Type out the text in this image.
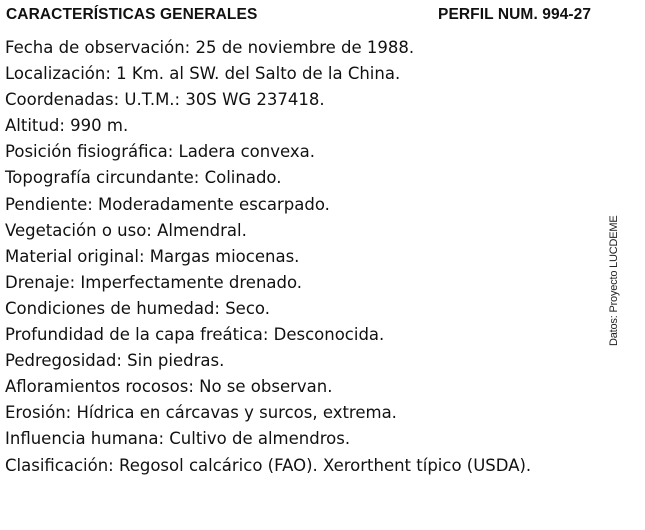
CARACTERÍSTICAS GENERALES	PERFIL NUM. 994-27
Fecha de observación: 25 de noviembre de 1988.
Localización: 1 Km. al SW. del Salto de la China.
Coordenadas: U.T.M.: 30S WG 237418.
Altitud: 990 m.
Posición fisiográfica: Ladera convexa.
Topografía circundante: Colinado.
Pendiente: Moderadamente escarpado.
Vegetación o uso: Almendral.
Material original: Margas miocenas.
Drenaje: Imperfectamente drenado.
Condiciones de humedad: Seco.
Profundidad de la capa freática: Desconocida.
Pedregosidad: Sin piedras.
Afloramientos rocosos: No se observan.
Erosión: Hídrica en cárcavas y surcos, extrema.
Influencia humana: Cultivo de almendros.
Clasificación: Regosol calcárico (FAO). Xerorthent típico (USDA).
Datos: Proyecto LUCDEME
